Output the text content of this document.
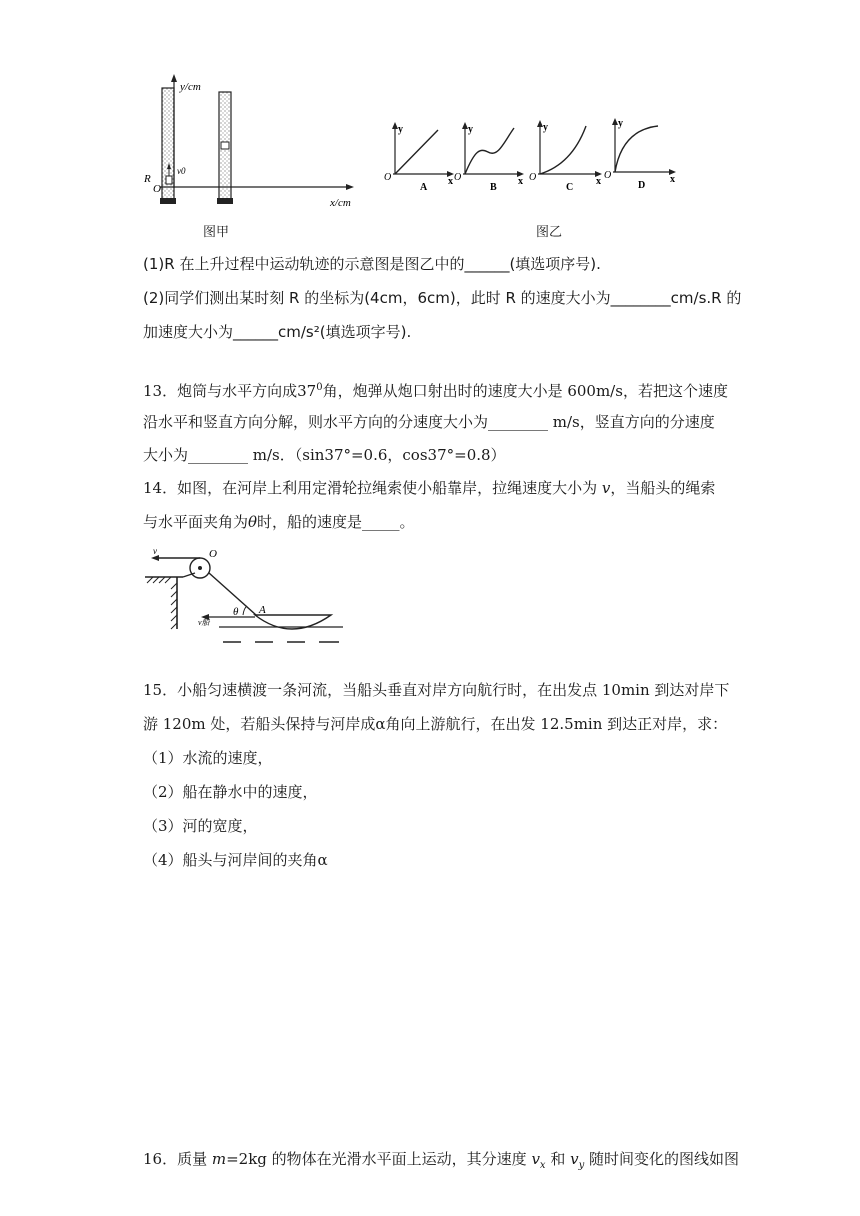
y/cm
x/cm
R
O
v0
图甲
y
O	x
A
y
O	x
B
y
O	x
C
y
O	x
D
图乙
(1)R 在上升过程中运动轨迹的示意图是图乙中的______(填选项序号).
(2)同学们测出某时刻 R 的坐标为(4cm，6cm)，此时 R 的速度大小为________cm/s.R 的
加速度大小为______cm/s²(填选项字号).
13．炮筒与水平方向成$37^0$角，炮弹从炮口射出时的速度大小是 600m/s，若把这个速度
沿水平和竖直方向分解，则水平方向的分速度大小为________ m/s，竖直方向的分速度
大小为________ m/s．（sin37°=0.6，cos37°=0.8）
14．如图，在河岸上利用定滑轮拉绳索使小船靠岸，拉绳速度大小为 v，当船头的绳索
与水平面夹角为θ时，船的速度是_____。
v	O
θ A
v船
15．小船匀速横渡一条河流，当船头垂直对岸方向航行时，在出发点 10min 到达对岸下
游 120m 处，若船头保持与河岸成α角向上游航行，在出发 12.5min 到达正对岸，求：
（1）水流的速度，
（2）船在静水中的速度，
（3）河的宽度，
（4）船头与河岸间的夹角α
16．质量 m=2kg 的物体在光滑水平面上运动，其分速度 $v_x$ 和 $v_y$ 随时间变化的图线如图
